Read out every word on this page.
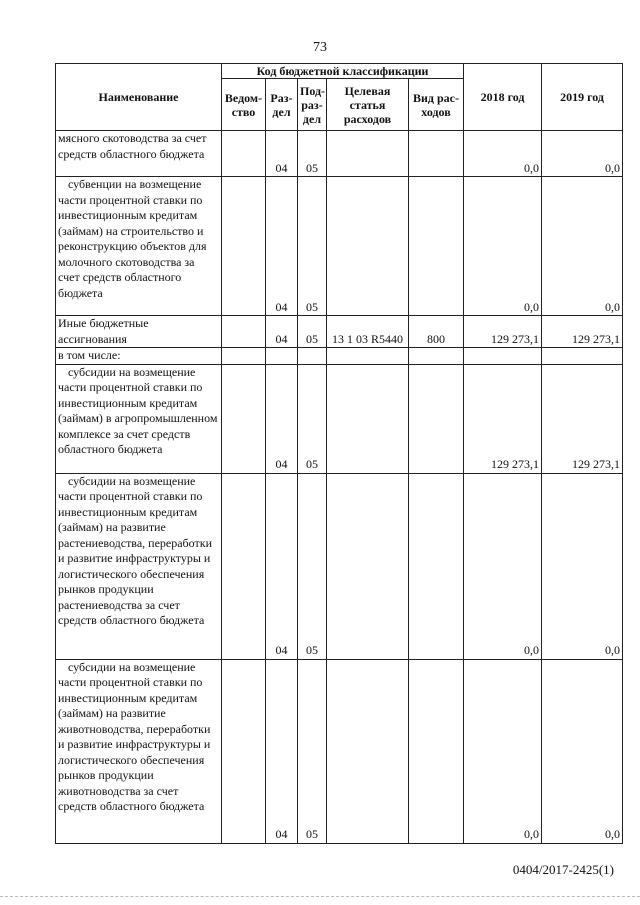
73
Наименование	Код бюджетной классификации					2018 год	2019 год
	Ведом-ство	Раз-дел	Под-раз-дел	Целевая статья расходов	Вид рас-ходов		
мясного скотоводства за счет средств областного бюджета		04	05			0,0	0,0

субвенции на возмещение части процентной ставки по инвестиционным кредитам (займам) на строительство и реконструкцию объектов для молочного скотоводства за счет средств областного бюджета		04	05			0,0	0,0
Иные бюджетные ассигнования		04	05	13 1 03 R5440	800	129 273,1	129 273,1
в том числе:							

субсидии на возмещение части процентной ставки по инвестиционным кредитам (займам) в агропромышленном комплексе за счет средств областного бюджета		04	05			129 273,1	129 273,1

субсидии на возмещение части процентной ставки по инвестиционным кредитам (займам) на развитие растениеводства, переработки и развитие инфраструктуры и логистического обеспечения рынков продукции растениеводства за счет средств областного бюджета		04	05			0,0	0,0

субсидии на возмещение части процентной ставки по инвестиционным кредитам (займам) на развитие животноводства, переработки и развитие инфраструктуры и логистического обеспечения рынков продукции животноводства за счет средств областного бюджета		04	05			0,0	0,0
0404/2017-2425(1)
